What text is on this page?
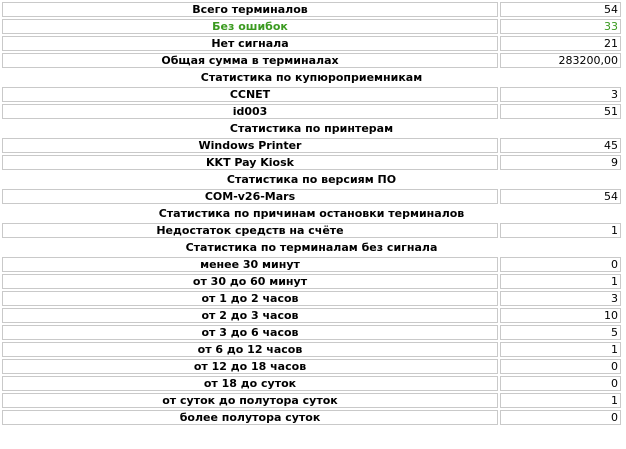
Всего терминалов	54
Без ошибок	33
Нет сигнала	21
Общая сумма в терминалах	283200,00
Статистика по купюроприемникам	
CCNET	3
id003	51
Статистика по принтерам	
Windows Printer	45
KKT Pay Kiosk	9
Статистика по версиям ПО	
COM-v26-Mars	54
Статистика по причинам остановки терминалов	
Недостаток средств на счёте	1
Статистика по терминалам без сигнала	
менее 30 минут	0
от 30 до 60 минут	1
от 1 до 2 часов	3
от 2 до 3 часов	10
от 3 до 6 часов	5
от 6 до 12 часов	1
от 12 до 18 часов	0
от 18 до суток	0
от суток до полутора суток	1
более полутора суток	0
